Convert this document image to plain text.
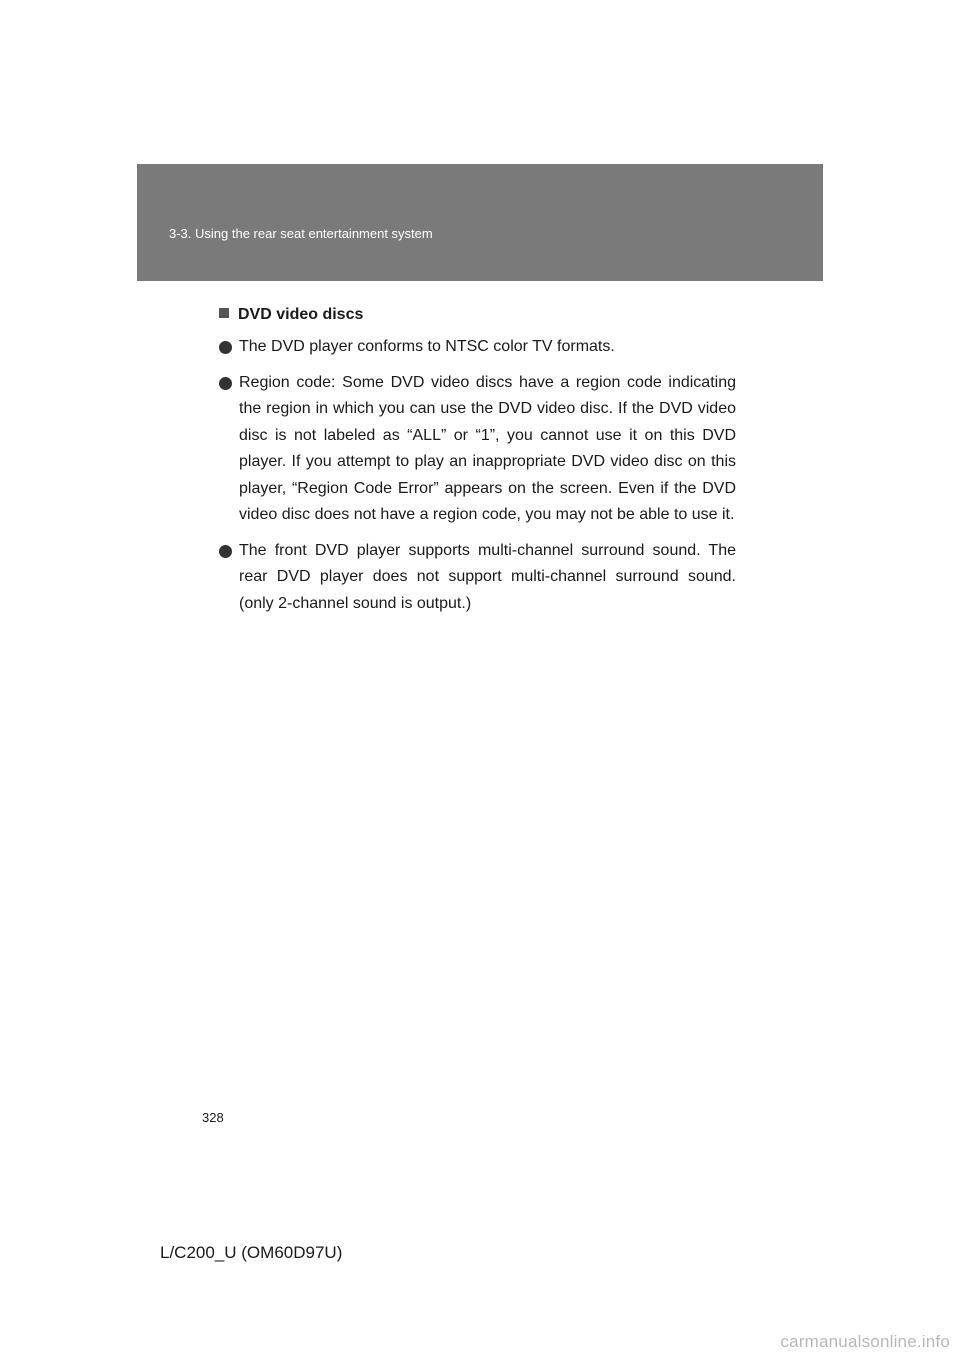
3-3. Using the rear seat entertainment system
DVD video discs
The DVD player conforms to NTSC color TV formats.
Region code: Some DVD video discs have a region code indicating the region in which you can use the DVD video disc. If the DVD video disc is not labeled as “ALL” or “1”, you cannot use it on this DVD player. If you attempt to play an inappropriate DVD video disc on this player, “Region Code Error” appears on the screen. Even if the DVD video disc does not have a region code, you may not be able to use it.
The front DVD player supports multi-channel surround sound. The rear DVD player does not support multi-channel surround sound. (only 2-channel sound is output.)
328
L/C200_U (OM60D97U)
carmanualsonline.info
